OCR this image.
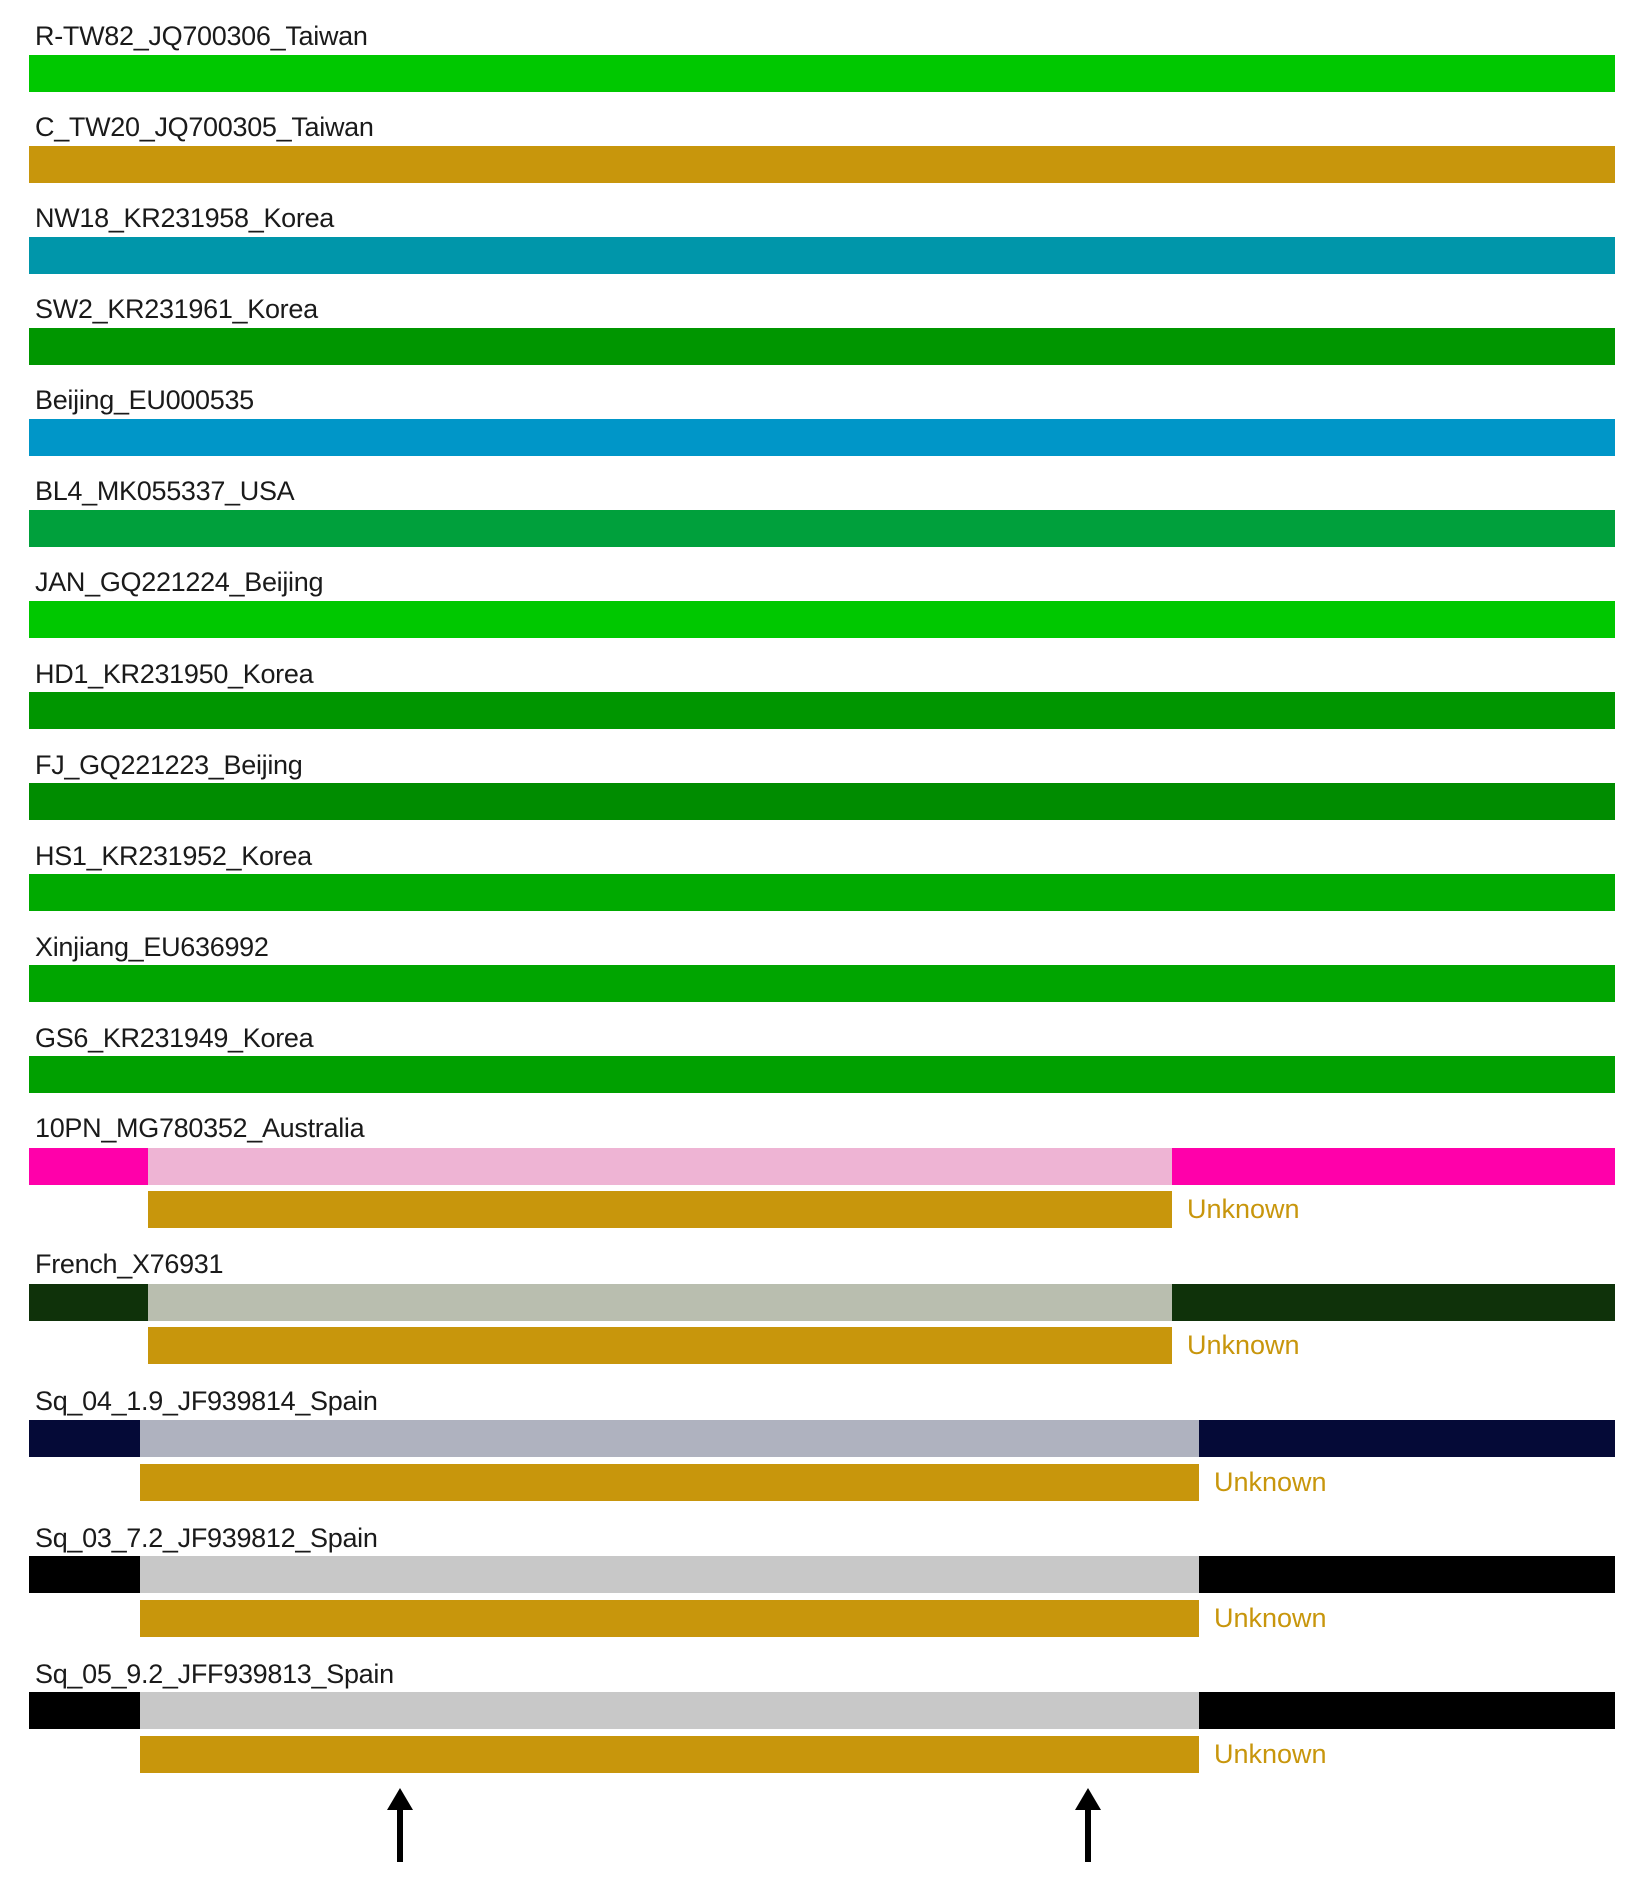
R-TW82_JQ700306_Taiwan
C_TW20_JQ700305_Taiwan
NW18_KR231958_Korea
SW2_KR231961_Korea
Beijing_EU000535
BL4_MK055337_USA
JAN_GQ221224_Beijing
HD1_KR231950_Korea
FJ_GQ221223_Beijing
HS1_KR231952_Korea
Xinjiang_EU636992
GS6_KR231949_Korea
10PN_MG780352_Australia
Unknown
French_X76931
Unknown
Sq_04_1.9_JF939814_Spain
Unknown
Sq_03_7.2_JF939812_Spain
Unknown
Sq_05_9.2_JFF939813_Spain
Unknown
